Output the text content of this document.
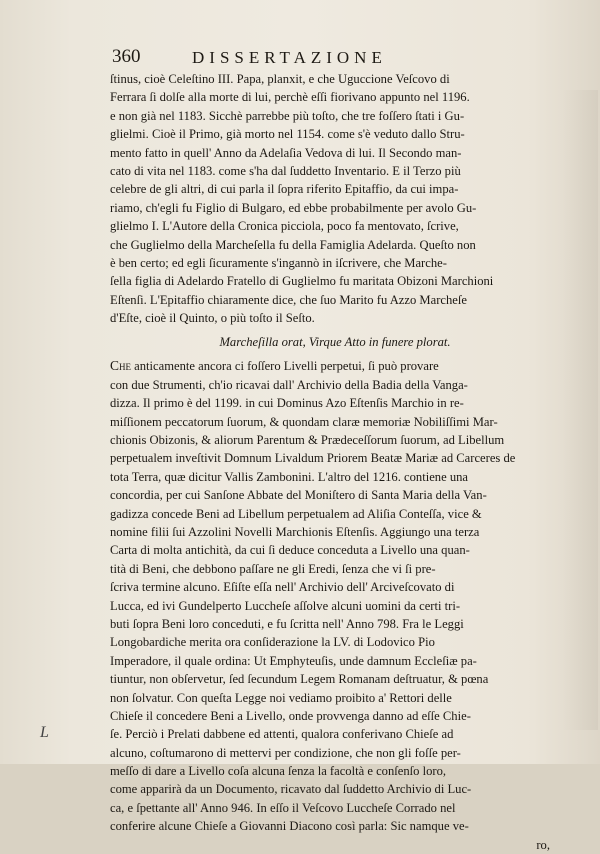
360	DISSERTAZIONE
ſtinus, cioè Celeſtino III. Papa, planxit, e che Uguccione Veſcovo di
Ferrara ſi dolſe alla morte di lui, perchè eſſi fiorivano appunto nel 1196.
e non già nel 1183. Sicchè parrebbe più toſto, che tre foſſero ſtati i Gu-
glielmi. Cioè il Primo, già morto nel 1154. come s'è veduto dallo Stru-
mento fatto in quell' Anno da Adelaſia Vedova di lui. Il Secondo man-
cato di vita nel 1183. come s'ha dal ſuddetto Inventario. E il Terzo più
celebre de gli altri, di cui parla il ſopra riferito Epitaffio, da cui impa-
riamo, ch'egli fu Figlio di Bulgaro, ed ebbe probabilmente per avolo Gu-
glielmo I. L'Autore della Cronica picciola, poco fa mentovato, ſcrive,
che Guglielmo della Marcheſella fu della Famiglia Adelarda. Queſto non
è ben certo; ed egli ſicuramente s'ingannò in iſcrivere, che Marche-
ſella figlia di Adelardo Fratello di Guglielmo fu maritata Obizoni Marchioni
Eſtenſi. L'Epitaffio chiaramente dice, che ſuo Marito fu Azzo Marcheſe
d'Eſte, cioè il Quinto, o più toſto il Seſto.
Marcheſilla orat, Virque Atto in funere plorat.
Che anticamente ancora ci foſſero Livelli perpetui, ſi può provare
con due Strumenti, ch'io ricavai dall' Archivio della Badia della Vanga-
dizza. Il primo è del 1199. in cui Dominus Azo Eſtenſis Marchio in re-
miſſionem peccatorum ſuorum, & quondam claræ memoriæ Nobiliſſimi Mar-
chionis Obizonis, & aliorum Parentum & Prædeceſſorum ſuorum, ad Libellum
perpetualem inveſtivit Domnum Livaldum Priorem Beatæ Mariæ ad Carceres de
tota Terra, quæ dicitur Vallis Zambonini. L'altro del 1216. contiene una
concordia, per cui Sanſone Abbate del Moniſtero di Santa Maria della Van-
gadizza concede Beni ad Libellum perpetualem ad Aliſia Conteſſa, vice &
nomine filii ſui Azzolini Novelli Marchionis Eſtenſis. Aggiungo una terza
Carta di molta antichità, da cui ſi deduce conceduta a Livello una quan-
tità di Beni, che debbono paſſare ne gli Eredi, ſenza che vi ſi pre-
ſcriva termine alcuno. Eſiſte eſſa nell' Archivio dell' Arciveſcovato di
Lucca, ed ivi Gundelperto Luccheſe aſſolve alcuni uomini da certi tri-
buti ſopra Beni loro conceduti, e fu ſcritta nell' Anno 798. Fra le Leggi
Longobardiche merita ora conſiderazione la LV. di Lodovico Pio
Imperadore, il quale ordina: Ut Emphyteuſis, unde damnum Eccleſiæ pa-
tiuntur, non obſervetur, ſed ſecundum Legem Romanam deſtruatur, & pœna
non ſolvatur. Con queſta Legge noi vediamo proibito a' Rettori delle
Chieſe il concedere Beni a Livello, onde provvenga danno ad eſſe Chie-
ſe. Perciò i Prelati dabbene ed attenti, qualora conferivano Chieſe ad
alcuno, coſtumarono di mettervi per condizione, che non gli foſſe per-
meſſo di dare a Livello coſa alcuna ſenza la facoltà e conſenſo loro,
come apparirà da un Documento, ricavato dal ſuddetto Archivio di Luc-
ca, e ſpettante all' Anno 946. In eſſo il Veſcovo Luccheſe Corrado nel
conferire alcune Chieſe a Giovanni Diacono così parla: Sic namque ve-
ro,
L
